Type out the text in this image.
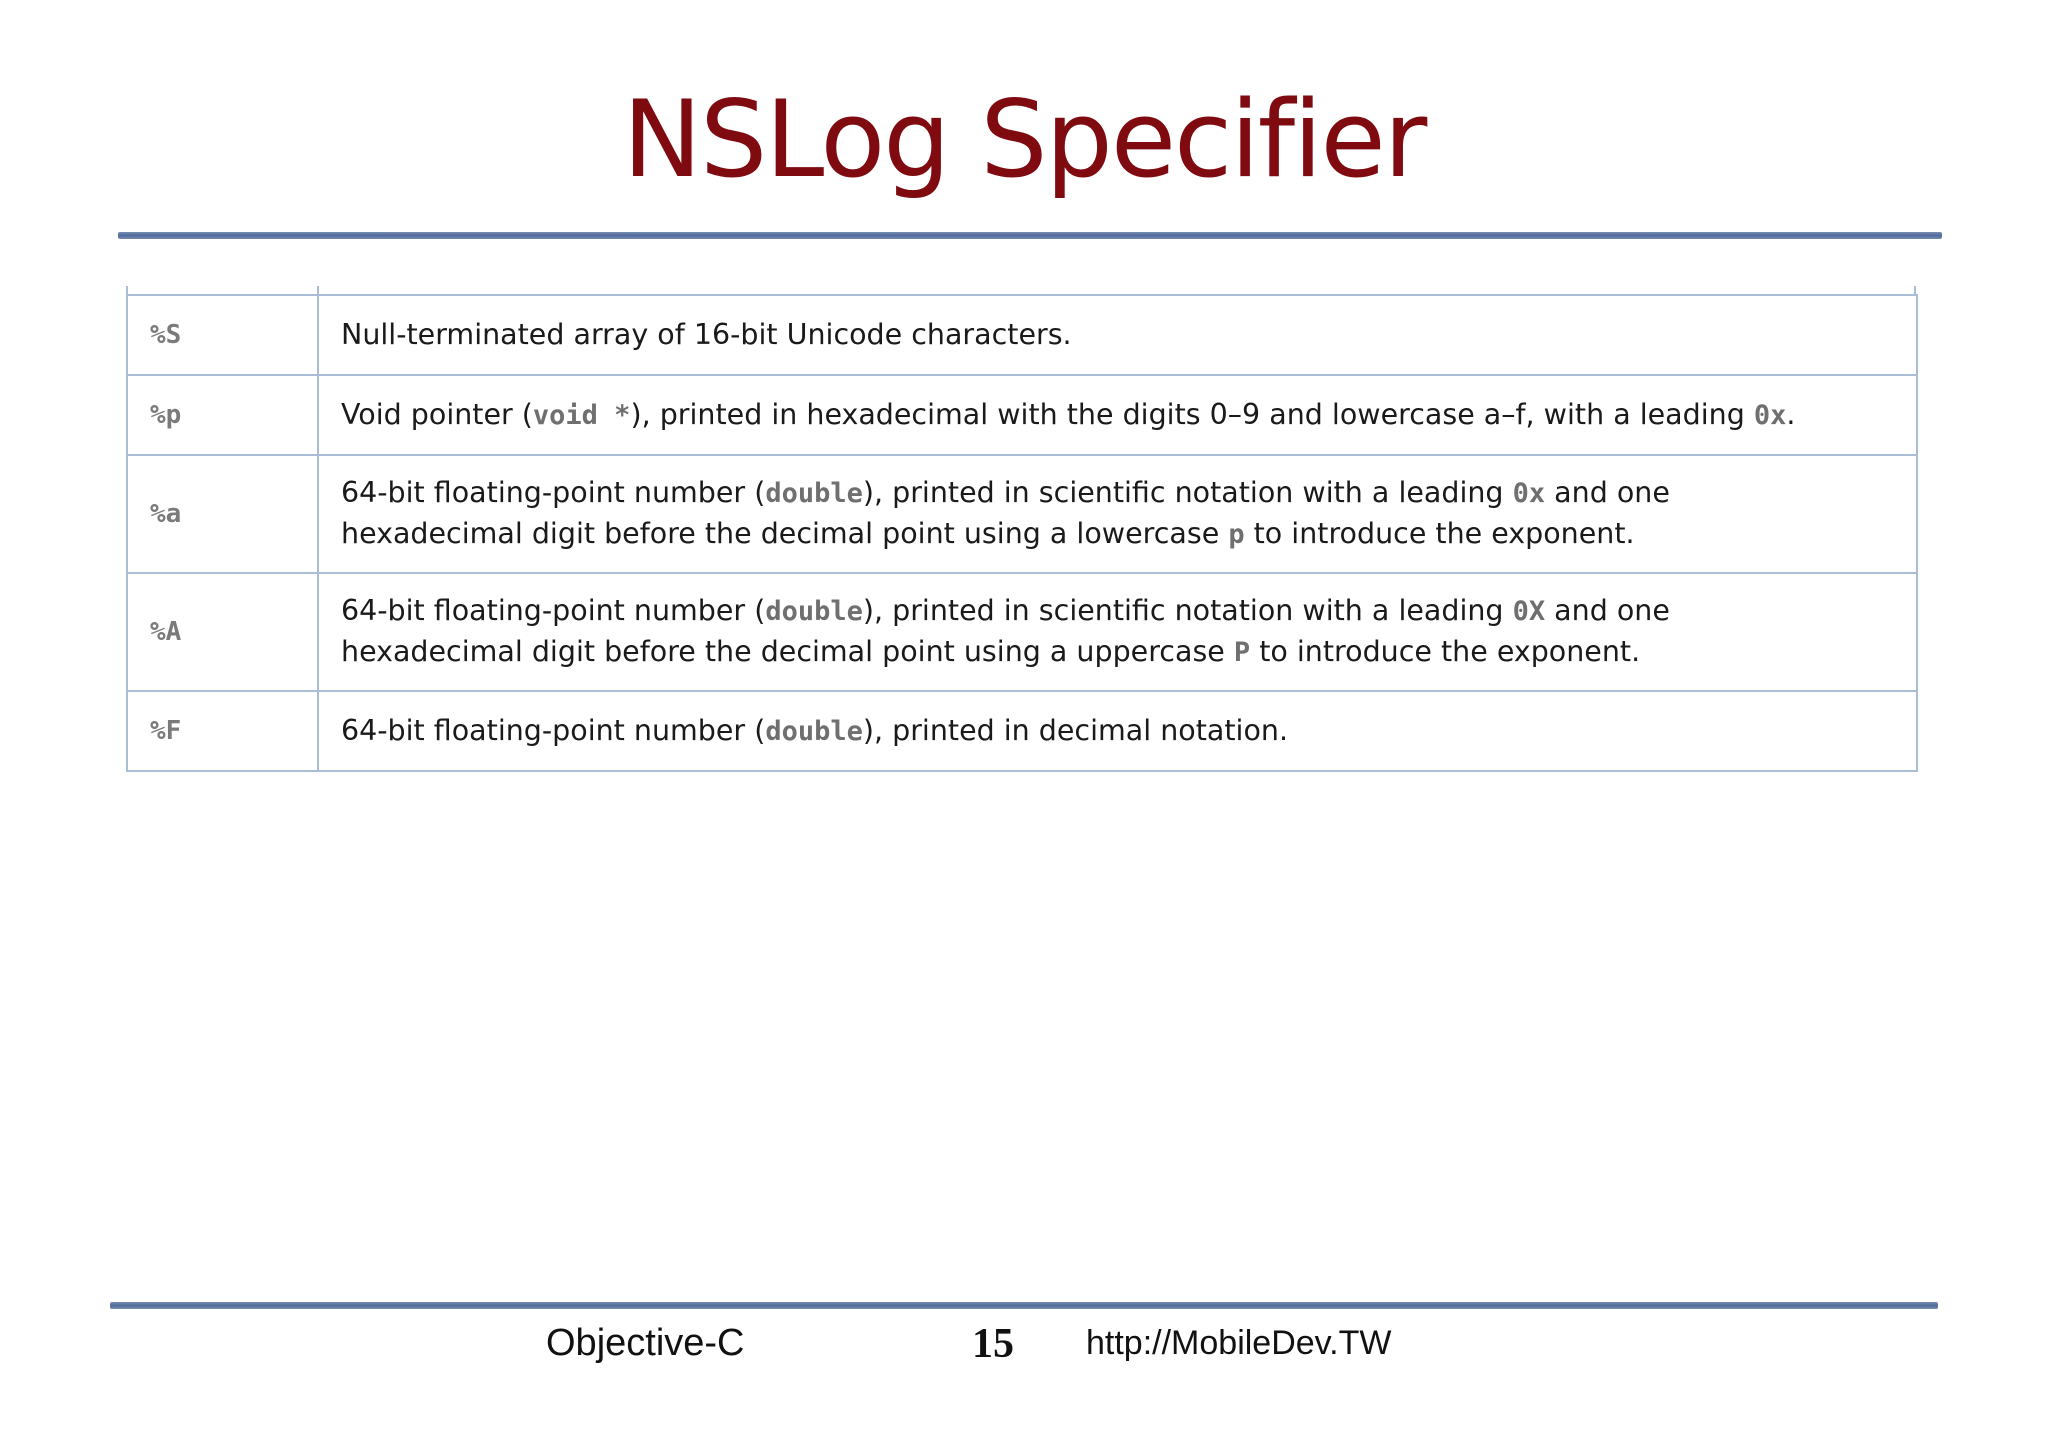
NSLog Specifier
%S	Null-terminated array of 16-bit Unicode characters.
%p	Void pointer (void *), printed in hexadecimal with the digits 0–9 and lowercase a–f, with a leading 0x.
%a	64-bit floating-point number (double), printed in scientific notation with a leading 0x and one
hexadecimal digit before the decimal point using a lowercase p to introduce the exponent.
%A	64-bit floating-point number (double), printed in scientific notation with a leading 0X and one
hexadecimal digit before the decimal point using a uppercase P to introduce the exponent.
%F	64-bit floating-point number (double), printed in decimal notation.
Objective-C	15 http://MobileDev.TW
